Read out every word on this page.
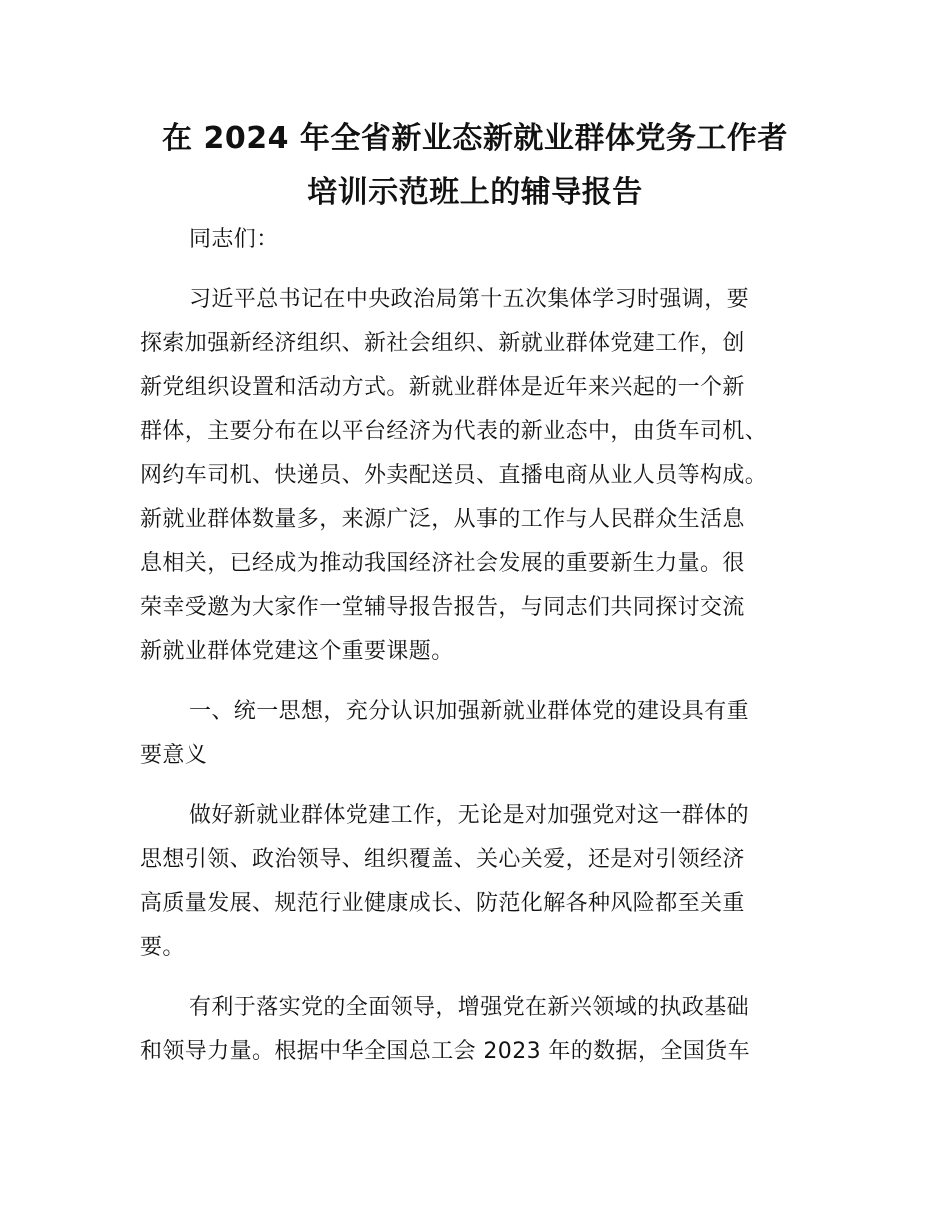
在 2024 年全省新业态新就业群体党务工作者
培训示范班上的辅导报告
同志们：
习近平总书记在中央政治局第十五次集体学习时强调，要
探索加强新经济组织、新社会组织、新就业群体党建工作，创
新党组织设置和活动方式。新就业群体是近年来兴起的一个新
群体，主要分布在以平台经济为代表的新业态中，由货车司机、
网约车司机、快递员、外卖配送员、直播电商从业人员等构成。
新就业群体数量多，来源广泛，从事的工作与人民群众生活息
息相关，已经成为推动我国经济社会发展的重要新生力量。很
荣幸受邀为大家作一堂辅导报告报告，与同志们共同探讨交流
新就业群体党建这个重要课题。
一、统一思想，充分认识加强新就业群体党的建设具有重
要意义
做好新就业群体党建工作，无论是对加强党对这一群体的
思想引领、政治领导、组织覆盖、关心关爱，还是对引领经济
高质量发展、规范行业健康成长、防范化解各种风险都至关重
要。
有利于落实党的全面领导，增强党在新兴领域的执政基础
和领导力量。根据中华全国总工会 2023 年的数据，全国货车
